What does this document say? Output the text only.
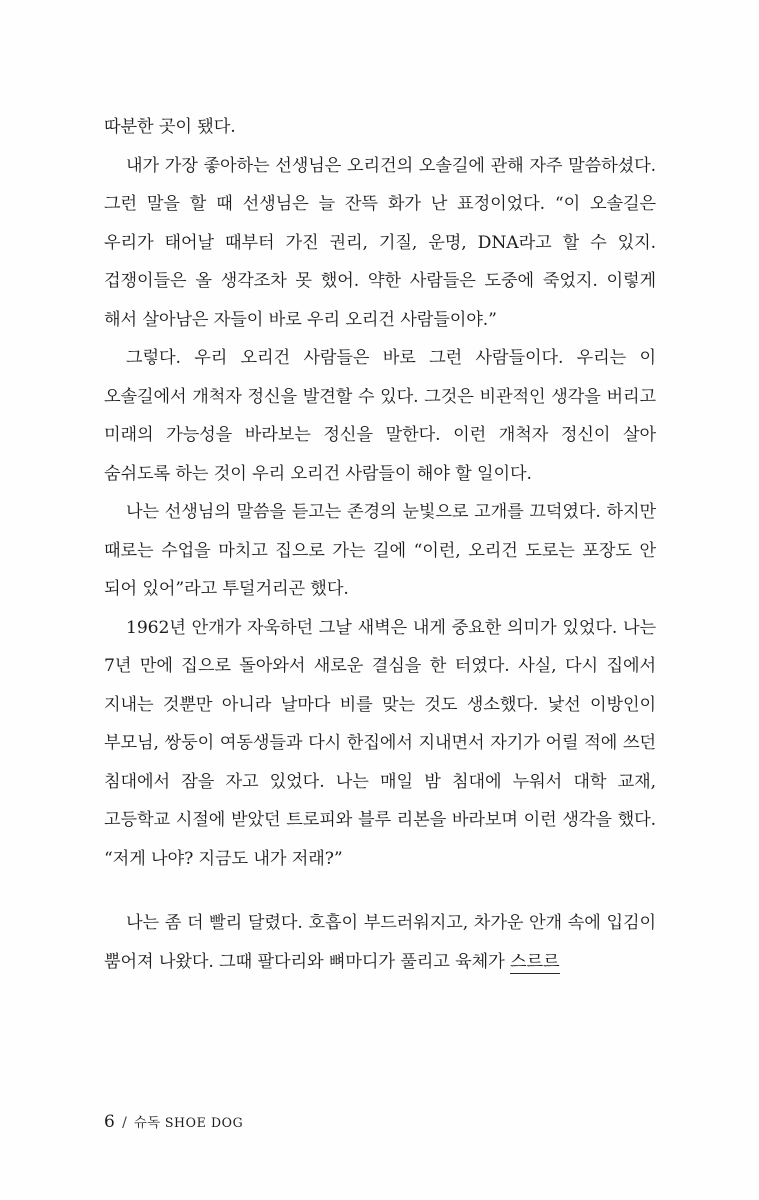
따분한 곳이 됐다.

내가 가장 좋아하는 선생님은 오리건의 오솔길에 관해 자주 말씀하셨다. 그런 말을 할 때 선생님은 늘 잔뜩 화가 난 표정이었다. “이 오솔길은 우리가 태어날 때부터 가진 권리, 기질, 운명, DNA라고 할 수 있지. 겁쟁이들은 올 생각조차 못 했어. 약한 사람들은 도중에 죽었지. 이렇게 해서 살아남은 자들이 바로 우리 오리건 사람들이야.”

그렇다. 우리 오리건 사람들은 바로 그런 사람들이다. 우리는 이 오솔길에서 개척자 정신을 발견할 수 있다. 그것은 비관적인 생각을 버리고 미래의 가능성을 바라보는 정신을 말한다. 이런 개척자 정신이 살아 숨쉬도록 하는 것이 우리 오리건 사람들이 해야 할 일이다.

나는 선생님의 말씀을 듣고는 존경의 눈빛으로 고개를 끄덕였다. 하지만 때로는 수업을 마치고 집으로 가는 길에 “이런, 오리건 도로는 포장도 안 되어 있어”라고 투덜거리곤 했다.

1962년 안개가 자욱하던 그날 새벽은 내게 중요한 의미가 있었다. 나는 7년 만에 집으로 돌아와서 새로운 결심을 한 터였다. 사실, 다시 집에서 지내는 것뿐만 아니라 날마다 비를 맞는 것도 생소했다. 낯선 이방인이 부모님, 쌍둥이 여동생들과 다시 한집에서 지내면서 자기가 어릴 적에 쓰던 침대에서 잠을 자고 있었다. 나는 매일 밤 침대에 누워서 대학 교재, 고등학교 시절에 받았던 트로피와 블루 리본을 바라보며 이런 생각을 했다. “저게 나야? 지금도 내가 저래?”

나는 좀 더 빨리 달렸다. 호흡이 부드러워지고, 차가운 안개 속에 입김이 뿜어져 나왔다. 그때 팔다리와 뼈마디가 풀리고 육체가 스르르

6 / 슈독 SHOE DOG
